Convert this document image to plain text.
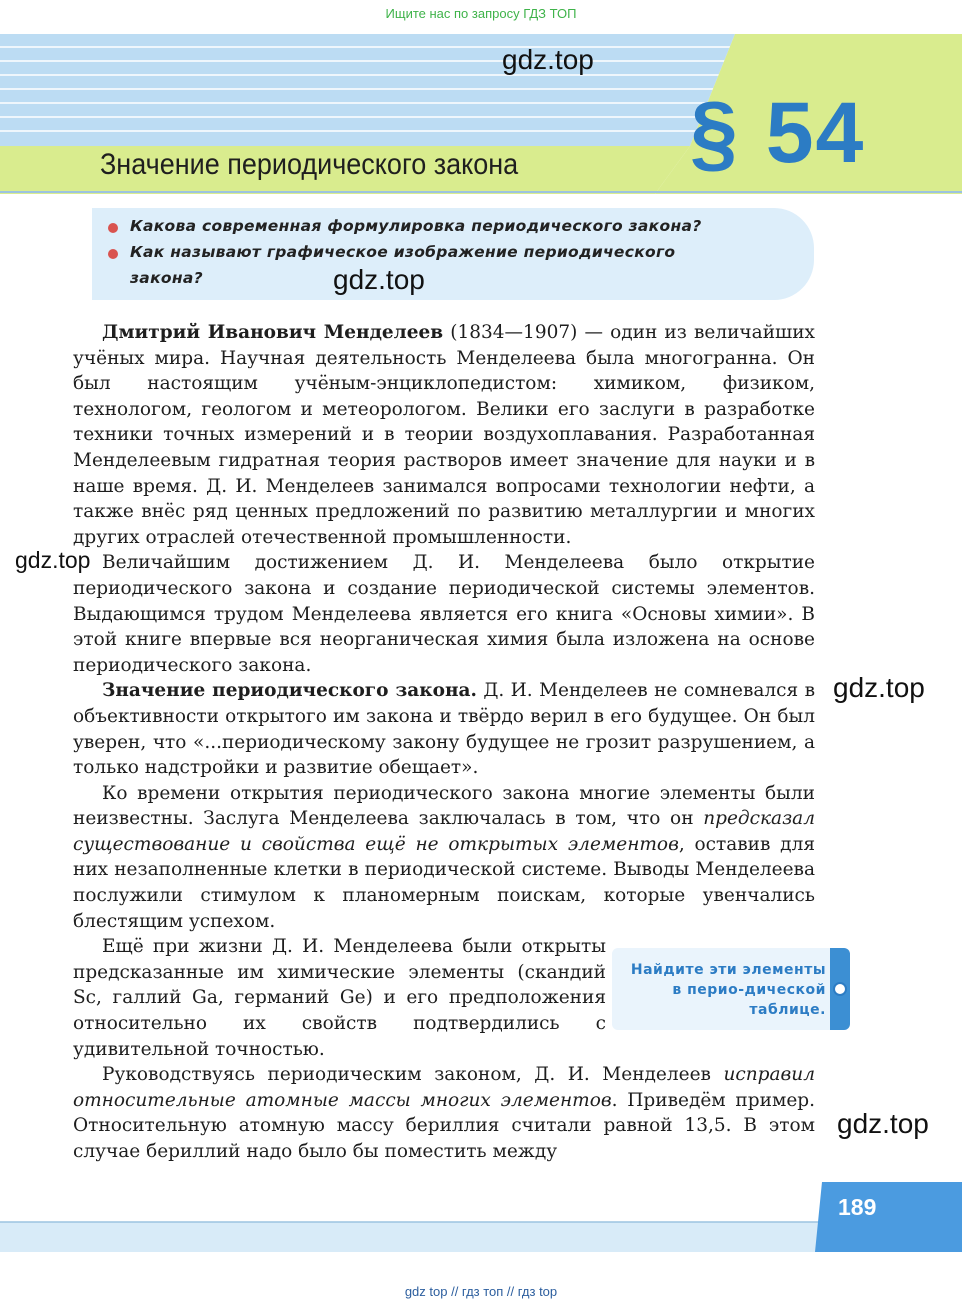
Ищите нас по запросу ГДЗ ТОП
§ 54
Значение периодического закона
gdz.top
Какова современная формулировка периодического закона?
Как называют графическое изображение периодического
закона?	gdz.top

Дмитрий Иванович Менделеев (1834—1907) — один из величайших учёных мира. Научная деятельность Менделеева была многогранна. Он был настоящим учёным-энциклопедистом: химиком, физиком, технологом, геологом и метеорологом. Велики его заслуги в разработке техники точных измерений и в теории воздухоплавания. Разработанная Менделеевым гидратная теория растворов имеет значение для науки и в наше время. Д. И. Менделеев занимался вопросами технологии нефти, а также внёс ряд ценных предложений по развитию металлургии и многих других отраслей отечественной промышленности.

Величайшим достижением Д. И. Менделеева было открытие периодического закона и создание периодической системы элементов. Выдающимся трудом Менделеева является его книга «Основы химии». В этой книге впервые вся неорганическая химия была изложена на основе периодического закона.

Значение периодического закона. Д. И. Менделеев не сомневался в объективности открытого им закона и твёрдо верил в его будущее. Он был уверен, что «...периодическому закону будущее не грозит разрушением, а только надстройки и развитие обещает».

Ко времени открытия периодического закона многие элементы были неизвестны. Заслуга Менделеева заключалась в том, что он предсказал существование и свойства ещё не открытых элементов, оставив для них незаполненные клетки в периодической системе. Выводы Менделеева послужили стимулом к планомерным поискам, которые увенчались блестящим успехом.

Ещё при жизни Д. И. Менделеева были открыты предсказанные им химические элементы (скандий Sc, галлий Ga, германий Ge) и его предположения относительно их свойств подтвердились с удивительной точностью.

Руководствуясь периодическим законом, Д. И. Менделеев исправил относительные атомные массы многих элементов. Приведём пример. Относительную атомную массу бериллия считали равной 13,5. В этом случае бериллий надо было бы поместить между

gdz.top
gdz.top
gdz.top
Найдите эти элементы в перио-дической таблице.
189
gdz top // гдз топ // гдз top
